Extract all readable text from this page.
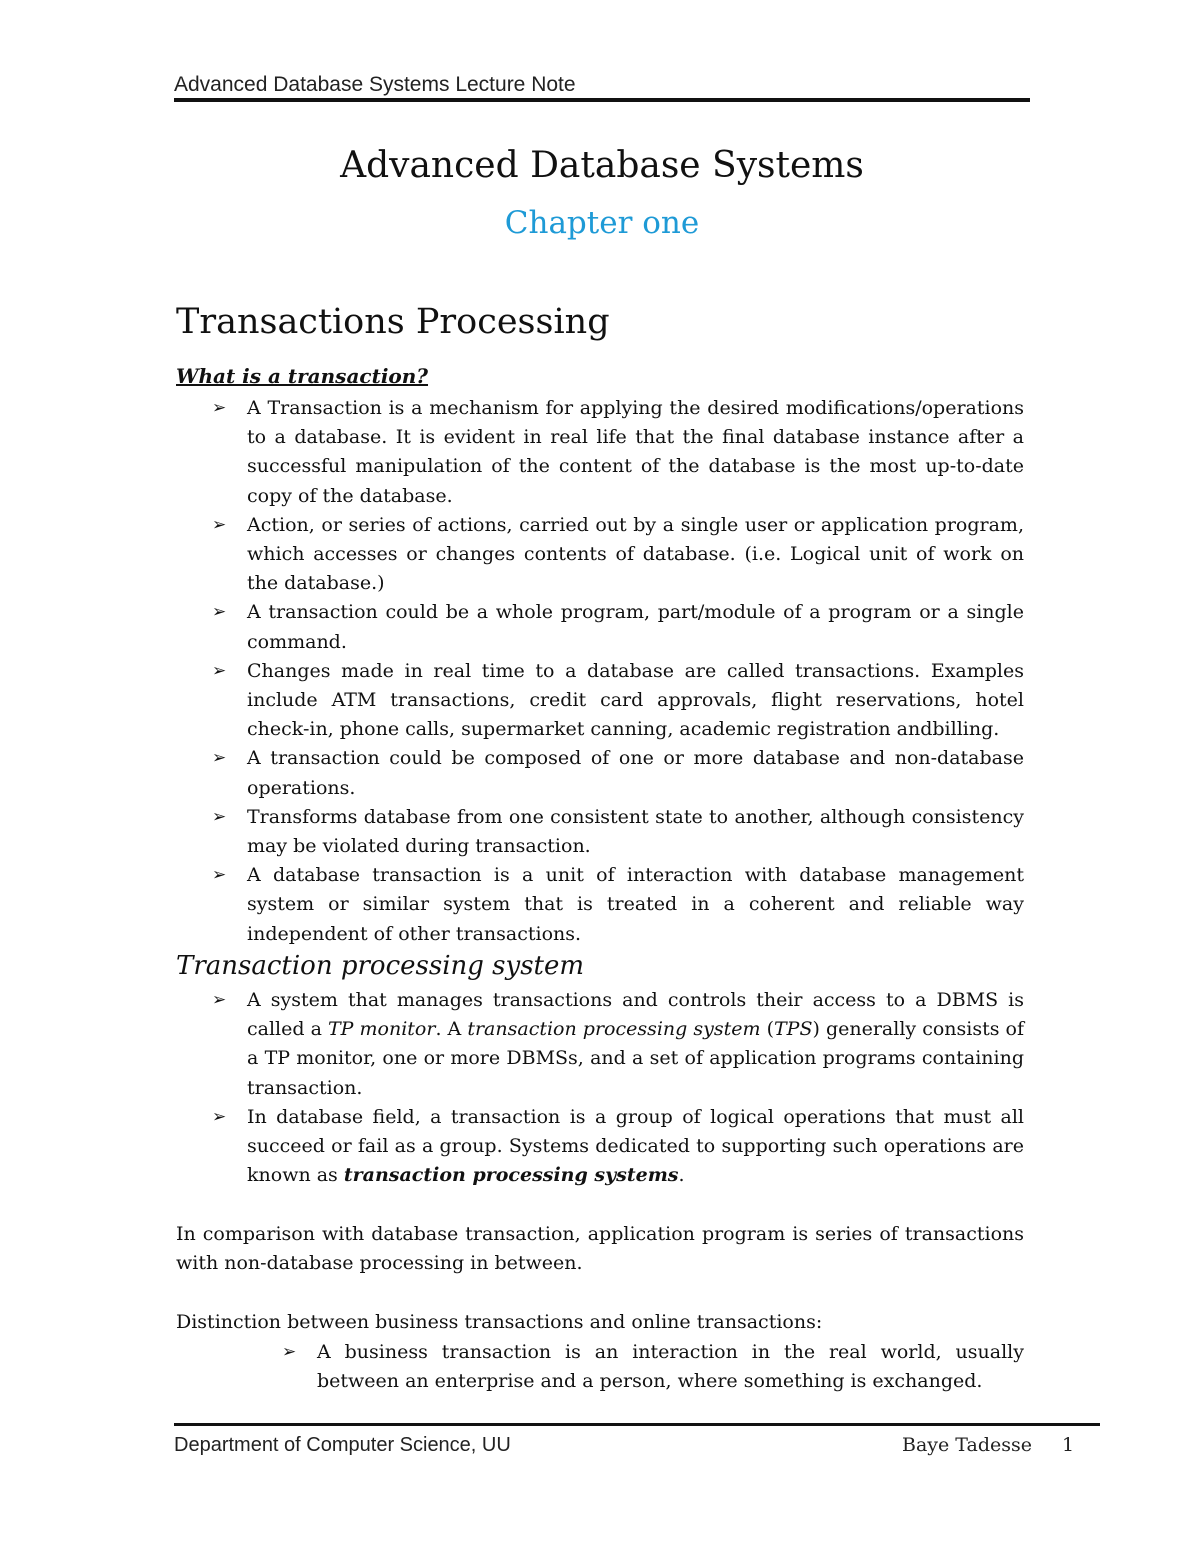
Advanced Database Systems Lecture Note
Advanced Database Systems
Chapter one
Transactions Processing
What is a transaction?
➢	A Transaction is a mechanism for applying the desired modifications/operations to a database. It is evident in real life that the final database instance after a successful manipulation of the content of the database is the most up-to-date copy of the database.
➢	Action, or series of actions, carried out by a single user or application program, which accesses or changes contents of database. (i.e. Logical unit of work on the database.)
➢	A transaction could be a whole program, part/module of a program or a single command.
➢	Changes made in real time to a database are called transactions. Examples include ATM transactions, credit card approvals, flight reservations, hotel check-in, phone calls, supermarket canning, academic registration andbilling.
➢	A transaction could be composed of one or more database and non-database operations.
➢	Transforms database from one consistent state to another, although consistency may be violated during transaction.
➢	A database transaction is a unit of interaction with database management system or similar system that is treated in a coherent and reliable way independent of other transactions.
Transaction processing system
➢	A system that manages transactions and controls their access to a DBMS is called a TP monitor. A transaction processing system (TPS) generally consists of a TP monitor, one or more DBMSs, and a set of application programs containing transaction.
➢	In database field, a transaction is a group of logical operations that must all succeed or fail as a group. Systems dedicated to supporting such operations are known as transaction processing systems.

In comparison with database transaction, application program is series of transactions with non-database processing in between.

Distinction between business transactions and online transactions:
➢	A business transaction is an interaction in the real world, usually between an enterprise and a person, where something is exchanged.
Department of Computer Science, UU	Baye Tadesse 1
